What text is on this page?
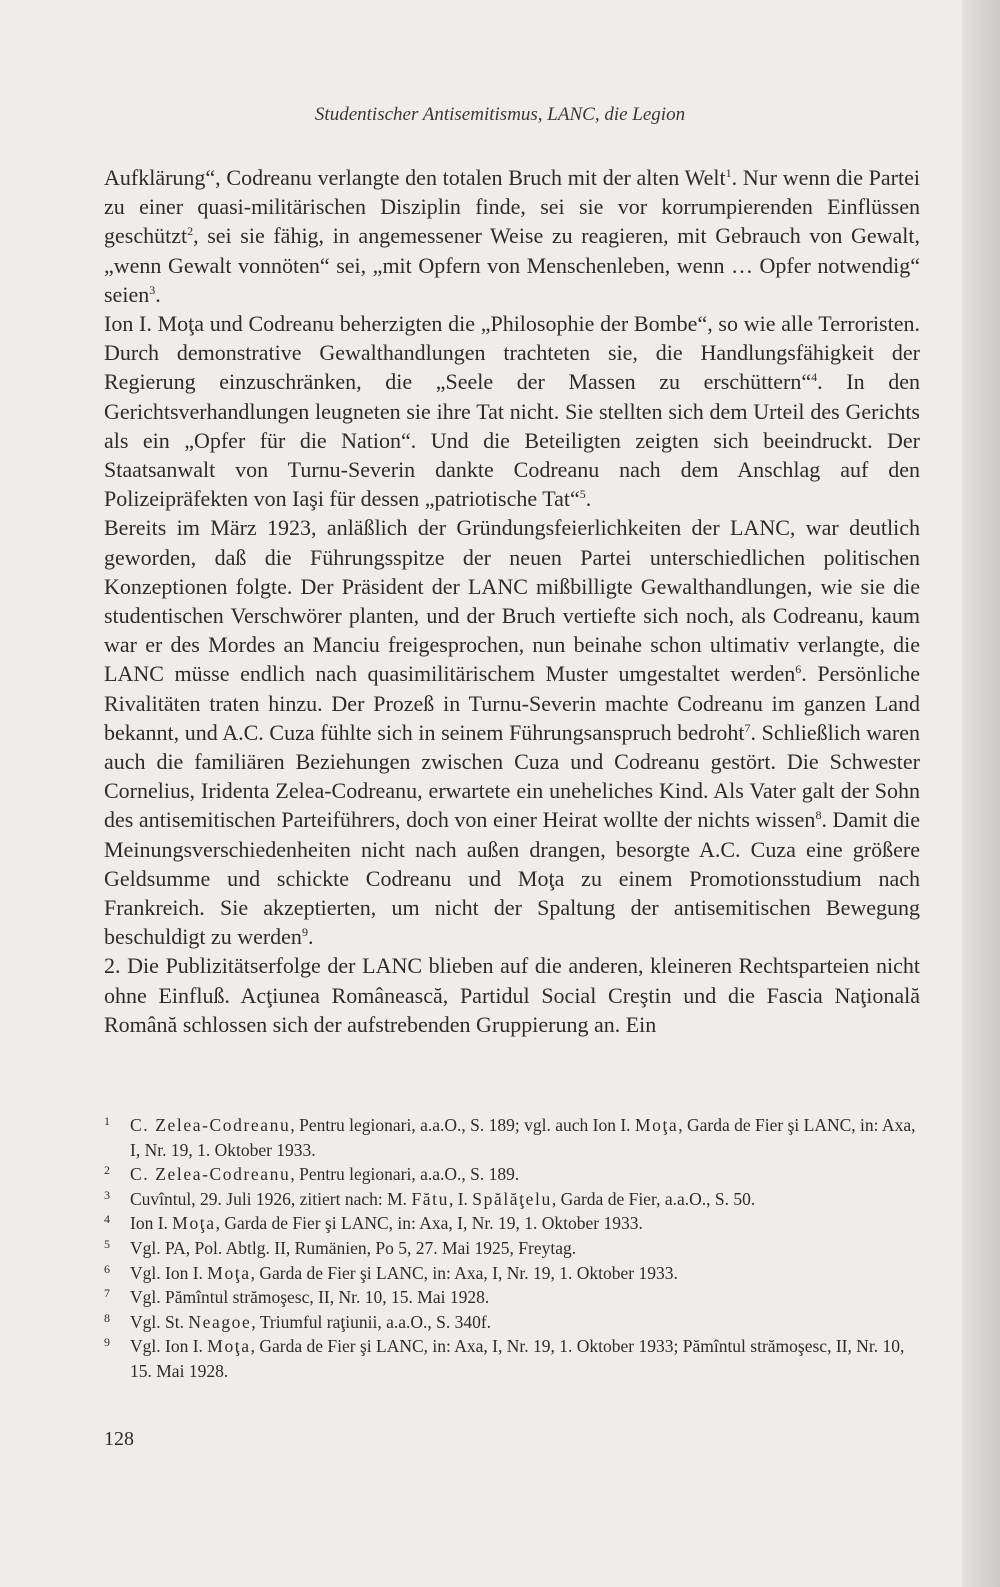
Studentischer Antisemitismus, LANC, die Legion

Aufklärung“, Codreanu verlangte den totalen Bruch mit der alten Welt$^1$. Nur wenn die Partei zu einer quasi-militärischen Disziplin finde, sei sie vor korrumpierenden Einflüssen geschützt$^2$, sei sie fähig, in angemessener Weise zu reagieren, mit Gebrauch von Gewalt, „wenn Gewalt vonnöten“ sei, „mit Opfern von Menschenleben, wenn … Opfer notwendig“ seien$^3$.

Ion I. Moţa und Codreanu beherzigten die „Philosophie der Bombe“, so wie alle Terroristen. Durch demonstrative Gewalthandlungen trachteten sie, die Handlungsfähigkeit der Regierung einzuschränken, die „Seele der Massen zu erschüttern“$^4$. In den Gerichtsverhandlungen leugneten sie ihre Tat nicht. Sie stellten sich dem Urteil des Gerichts als ein „Opfer für die Nation“. Und die Beteiligten zeigten sich beeindruckt. Der Staatsanwalt von Turnu-Severin dankte Codreanu nach dem Anschlag auf den Polizeipräfekten von Iaşi für dessen „patriotische Tat“$^5$.

Bereits im März 1923, anläßlich der Gründungsfeierlichkeiten der LANC, war deutlich geworden, daß die Führungsspitze der neuen Partei unterschiedlichen politischen Konzeptionen folgte. Der Präsident der LANC mißbilligte Gewalthandlungen, wie sie die studentischen Verschwörer planten, und der Bruch vertiefte sich noch, als Codreanu, kaum war er des Mordes an Manciu freigesprochen, nun beinahe schon ultimativ verlangte, die LANC müsse endlich nach quasimilitärischem Muster umgestaltet werden$^6$. Persönliche Rivalitäten traten hinzu. Der Prozeß in Turnu-Severin machte Codreanu im ganzen Land bekannt, und A.C. Cuza fühlte sich in seinem Führungsanspruch bedroht$^7$. Schließlich waren auch die familiären Beziehungen zwischen Cuza und Codreanu gestört. Die Schwester Cornelius, Iridenta Zelea-Codreanu, erwartete ein uneheliches Kind. Als Vater galt der Sohn des antisemitischen Parteiführers, doch von einer Heirat wollte der nichts wissen$^8$. Damit die Meinungsverschiedenheiten nicht nach außen drangen, besorgte A.C. Cuza eine größere Geldsumme und schickte Codreanu und Moţa zu einem Promotionsstudium nach Frankreich. Sie akzeptierten, um nicht der Spaltung der antisemitischen Bewegung beschuldigt zu werden$^9$.

2. Die Publizitätserfolge der LANC blieben auf die anderen, kleineren Rechtsparteien nicht ohne Einfluß. Acţiunea Românească, Partidul Social Creştin und die Fascia Naţională Română schlossen sich der aufstrebenden Gruppierung an. Ein

1 C. Zelea-Codreanu, Pentru legionari, a.a.O., S. 189; vgl. auch Ion I. Moţa, Garda de Fier şi LANC, in: Axa, I, Nr. 19, 1. Oktober 1933.
2 C. Zelea-Codreanu, Pentru legionari, a.a.O., S. 189.
3 Cuvîntul, 29. Juli 1926, zitiert nach: M. Fătu, I. Spălăţelu, Garda de Fier, a.a.O., S. 50.
4 Ion I. Moţa, Garda de Fier şi LANC, in: Axa, I, Nr. 19, 1. Oktober 1933.
5 Vgl. PA, Pol. Abtlg. II, Rumänien, Po 5, 27. Mai 1925, Freytag.
6 Vgl. Ion I. Moţa, Garda de Fier şi LANC, in: Axa, I, Nr. 19, 1. Oktober 1933.
7 Vgl. Pămîntul strămoşesc, II, Nr. 10, 15. Mai 1928.
8 Vgl. St. Neagoe, Triumful raţiunii, a.a.O., S. 340f.
9 Vgl. Ion I. Moţa, Garda de Fier şi LANC, in: Axa, I, Nr. 19, 1. Oktober 1933; Pămîntul strămoşesc, II, Nr. 10, 15. Mai 1928.
128
